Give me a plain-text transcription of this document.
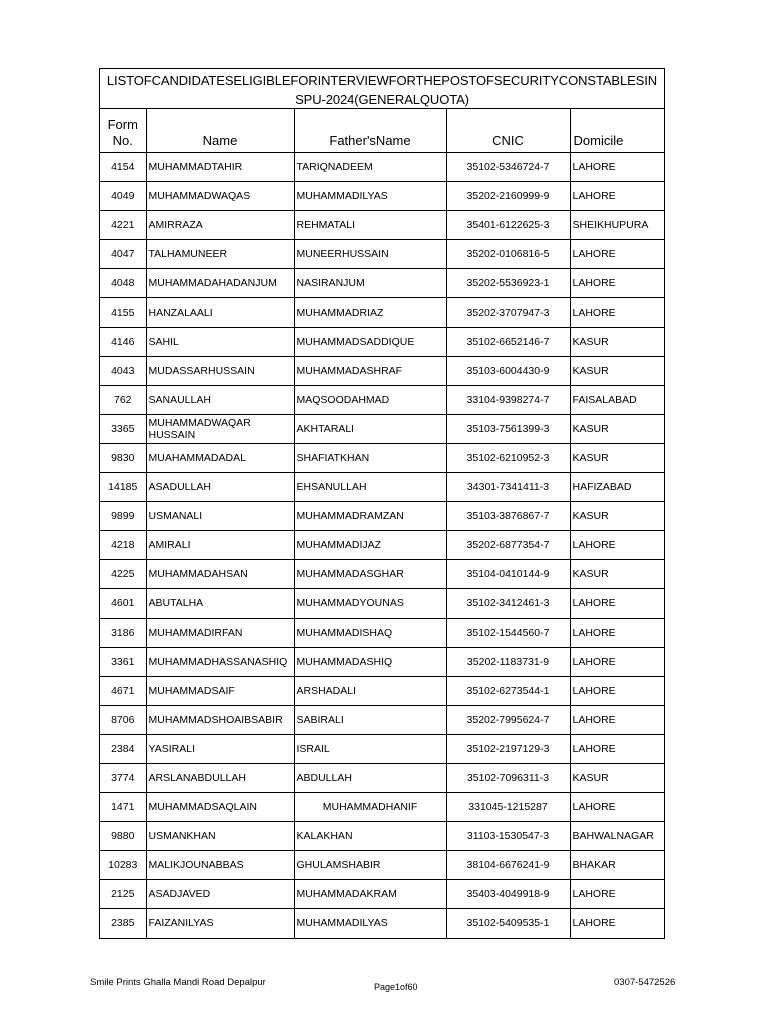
LISTOFCANDIDATESELIGIBLEFORINTERVIEWFORTHEPOSTOFSECURITYCONSTABLESIN
SPU-2024(GENERALQUOTA)
Form
No.	Name	Father'sName	CNIC	Domicile
4154	MUHAMMADTAHIR	TARIQNADEEM	35102-5346724-7	LAHORE
4049	MUHAMMADWAQAS	MUHAMMADILYAS	35202-2160999-9	LAHORE
4221	AMIRRAZA	REHMATALI	35401-6122625-3	SHEIKHUPURA
4047	TALHAMUNEER	MUNEERHUSSAIN	35202-0106816-5	LAHORE
4048	MUHAMMADAHADANJUM	NASIRANJUM	35202-5536923-1	LAHORE
4155	HANZALAALI	MUHAMMADRIAZ	35202-3707947-3	LAHORE
4146	SAHIL	MUHAMMADSADDIQUE	35102-6652146-7	KASUR
4043	MUDASSARHUSSAIN	MUHAMMADASHRAF	35103-6004430-9	KASUR
762	SANAULLAH	MAQSOODAHMAD	33104-9398274-7	FAISALABAD
3365	MUHAMMADWAQAR HUSSAIN	AKHTARALI	35103-7561399-3	KASUR
9830	MUAHAMMADADAL	SHAFIATKHAN	35102-6210952-3	KASUR
14185	ASADULLAH	EHSANULLAH	34301-7341411-3	HAFIZABAD
9899	USMANALI	MUHAMMADRAMZAN	35103-3876867-7	KASUR
4218	AMIRALI	MUHAMMADIJAZ	35202-6877354-7	LAHORE
4225	MUHAMMADAHSAN	MUHAMMADASGHAR	35104-0410144-9	KASUR
4601	ABUTALHA	MUHAMMADYOUNAS	35102-3412461-3	LAHORE
3186	MUHAMMADIRFAN	MUHAMMADISHAQ	35102-1544560-7	LAHORE
3361	MUHAMMADHASSANASHIQ	MUHAMMADASHIQ	35202-1183731-9	LAHORE
4671	MUHAMMADSAIF	ARSHADALI	35102-6273544-1	LAHORE
8706	MUHAMMADSHOAIBSABIR	SABIRALI	35202-7995624-7	LAHORE
2384	YASIRALI	ISRAIL	35102-2197129-3	LAHORE
3774	ARSLANABDULLAH	ABDULLAH	35102-7096311-3	KASUR
1471	MUHAMMADSAQLAIN	MUHAMMADHANIF	331045-1215287	LAHORE
9880	USMANKHAN	KALAKHAN	31103-1530547-3	BAHWALNAGAR
10283	MALIKJOUNABBAS	GHULAMSHABIR	38104-6676241-9	BHAKAR
2125	ASADJAVED	MUHAMMADAKRAM	35403-4049918-9	LAHORE
2385	FAIZANILYAS	MUHAMMADILYAS	35102-5409535-1	LAHORE
Smile Prints Ghalla Mandi Road Depalpur	Page1of60	0307-5472526
